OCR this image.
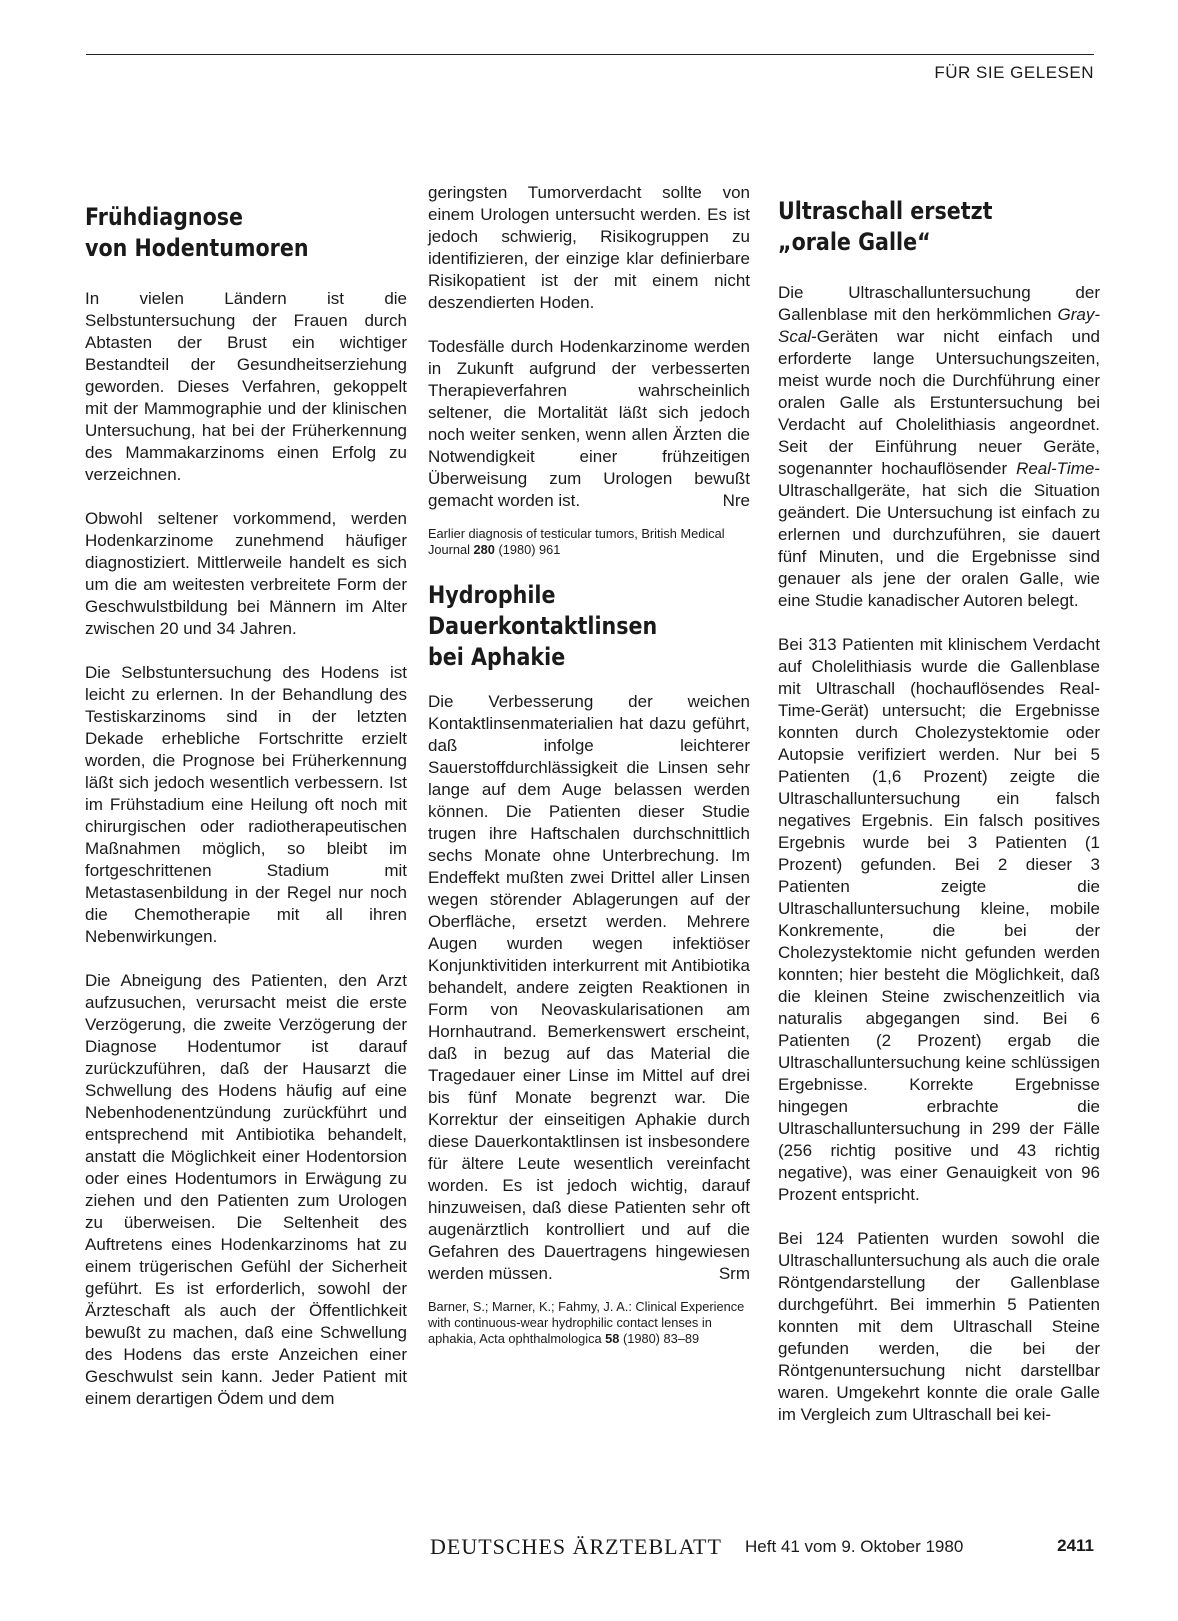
FÜR SIE GELESEN
Frühdiagnose
von Hodentumoren
In vielen Ländern ist die Selbstuntersuchung der Frauen durch Abtasten der Brust ein wichtiger Bestandteil der Gesundheitserziehung geworden. Dieses Verfahren, gekoppelt mit der Mammographie und der klinischen Untersuchung, hat bei der Früherkennung des Mammakarzinoms einen Erfolg zu verzeichnen.
Obwohl seltener vorkommend, werden Hodenkarzinome zunehmend häufiger diagnostiziert. Mittlerweile handelt es sich um die am weitesten verbreitete Form der Geschwulstbildung bei Männern im Alter zwischen 20 und 34 Jahren.
Die Selbstuntersuchung des Hodens ist leicht zu erlernen. In der Behandlung des Testiskarzinoms sind in der letzten Dekade erhebliche Fortschritte erzielt worden, die Prognose bei Früherkennung läßt sich jedoch wesentlich verbessern. Ist im Frühstadium eine Heilung oft noch mit chirurgischen oder radiotherapeutischen Maßnahmen möglich, so bleibt im fortgeschrittenen Stadium mit Metastasenbildung in der Regel nur noch die Chemotherapie mit all ihren Nebenwirkungen.
Die Abneigung des Patienten, den Arzt aufzusuchen, verursacht meist die erste Verzögerung, die zweite Verzögerung der Diagnose Hodentumor ist darauf zurückzuführen, daß der Hausarzt die Schwellung des Hodens häufig auf eine Nebenhodenentzündung zurückführt und entsprechend mit Antibiotika behandelt, anstatt die Möglichkeit einer Hodentorsion oder eines Hodentumors in Erwägung zu ziehen und den Patienten zum Urologen zu überweisen. Die Seltenheit des Auftretens eines Hodenkarzinoms hat zu einem trügerischen Gefühl der Sicherheit geführt. Es ist erforderlich, sowohl der Ärzteschaft als auch der Öffentlichkeit bewußt zu machen, daß eine Schwellung des Hodens das erste Anzeichen einer Geschwulst sein kann. Jeder Patient mit einem derartigen Ödem und dem
geringsten Tumorverdacht sollte von einem Urologen untersucht werden. Es ist jedoch schwierig, Risikogruppen zu identifizieren, der einzige klar definierbare Risikopatient ist der mit einem nicht deszendierten Hoden.
Todesfälle durch Hodenkarzinome werden in Zukunft aufgrund der verbesserten Therapieverfahren wahrscheinlich seltener, die Mortalität läßt sich jedoch noch weiter senken, wenn allen Ärzten die Notwendigkeit einer frühzeitigen Überweisung zum Urologen bewußt gemacht worden ist.	Nre
Earlier diagnosis of testicular tumors, British Medical Journal 280 (1980) 961
Hydrophile
Dauerkontaktlinsen
bei Aphakie
Die Verbesserung der weichen Kontaktlinsenmaterialien hat dazu geführt, daß infolge leichterer Sauerstoffdurchlässigkeit die Linsen sehr lange auf dem Auge belassen werden können. Die Patienten dieser Studie trugen ihre Haftschalen durchschnittlich sechs Monate ohne Unterbrechung. Im Endeffekt mußten zwei Drittel aller Linsen wegen störender Ablagerungen auf der Oberfläche, ersetzt werden. Mehrere Augen wurden wegen infektiöser Konjunktivitiden interkurrent mit Antibiotika behandelt, andere zeigten Reaktionen in Form von Neovaskularisationen am Hornhautrand. Bemerkenswert erscheint, daß in bezug auf das Material die Tragedauer einer Linse im Mittel auf drei bis fünf Monate begrenzt war. Die Korrektur der einseitigen Aphakie durch diese Dauerkontaktlinsen ist insbesondere für ältere Leute wesentlich vereinfacht worden. Es ist jedoch wichtig, darauf hinzuweisen, daß diese Patienten sehr oft augenärztlich kontrolliert und auf die Gefahren des Dauertragens hingewiesen werden müssen.	Srm
Barner, S.; Marner, K.; Fahmy, J. A.: Clinical Experience with continuous-wear hydrophilic contact lenses in aphakia, Acta ophthalmologica 58 (1980) 83–89
Ultraschall ersetzt
„orale Galle“
Die Ultraschalluntersuchung der Gallenblase mit den herkömmlichen Gray-Scal-Geräten war nicht einfach und erforderte lange Untersuchungszeiten, meist wurde noch die Durchführung einer oralen Galle als Erstuntersuchung bei Verdacht auf Cholelithiasis angeordnet. Seit der Einführung neuer Geräte, sogenannter hochauflösender Real-Time-Ultraschallgeräte, hat sich die Situation geändert. Die Untersuchung ist einfach zu erlernen und durchzuführen, sie dauert fünf Minuten, und die Ergebnisse sind genauer als jene der oralen Galle, wie eine Studie kanadischer Autoren belegt.
Bei 313 Patienten mit klinischem Verdacht auf Cholelithiasis wurde die Gallenblase mit Ultraschall (hochauflösendes Real-Time-Gerät) untersucht; die Ergebnisse konnten durch Cholezystektomie oder Autopsie verifiziert werden. Nur bei 5 Patienten (1,6 Prozent) zeigte die Ultraschalluntersuchung ein falsch negatives Ergebnis. Ein falsch positives Ergebnis wurde bei 3 Patienten (1 Prozent) gefunden. Bei 2 dieser 3 Patienten zeigte die Ultraschalluntersuchung kleine, mobile Konkremente, die bei der Cholezystektomie nicht gefunden werden konnten; hier besteht die Möglichkeit, daß die kleinen Steine zwischenzeitlich via naturalis abgegangen sind. Bei 6 Patienten (2 Prozent) ergab die Ultraschalluntersuchung keine schlüssigen Ergebnisse. Korrekte Ergebnisse hingegen erbrachte die Ultraschalluntersuchung in 299 der Fälle (256 richtig positive und 43 richtig negative), was einer Genauigkeit von 96 Prozent entspricht.
Bei 124 Patienten wurden sowohl die Ultraschalluntersuchung als auch die orale Röntgendarstellung der Gallenblase durchgeführt. Bei immerhin 5 Patienten konnten mit dem Ultraschall Steine gefunden werden, die bei der Röntgenuntersuchung nicht darstellbar waren. Umgekehrt konnte die orale Galle im Vergleich zum Ultraschall bei kei-
DEUTSCHES ÄRZTEBLATT Heft 41 vom 9. Oktober 1980	2411
